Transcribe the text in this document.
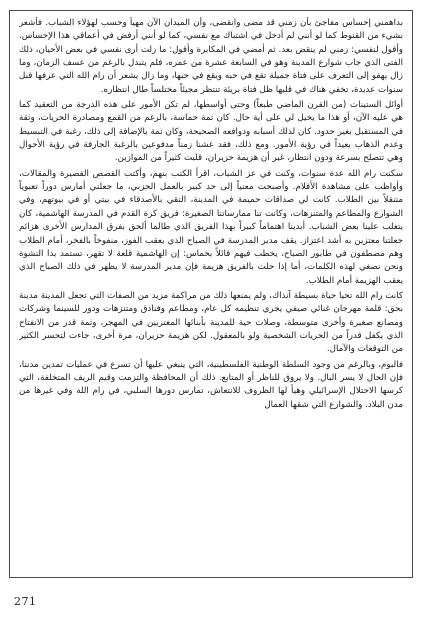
بداهمني إحساس مفاجئ بأن زمني قد مضى وانقضى، وأن الميدان الآن مهيأ وحسب لهؤلاء الشباب. فأشعر بشيء من القنوط كما لو أنني لم أدخل في اشتباك مع نفسي، كما لو أنني أرفض في أعماقي هذا الإحساس. وأقول لنفسي: زمني لم ينقض بعد. ثم أمضي في المكابرة وأقول: ما زلت أرى نفسي في بعض الأحيان، ذلك الفتى الذي جاب شوارع المدينة وهو في السابعة عشرة من عمره، فلم يتبدل بالرغم من عسف الزمان، وما زال يهفو إلى التعرف على فتاة جميلة تقع في حبه ويقع في حبها، وما زال يشعر أن رام الله التي عرفها قبل سنوات عديدة، تخفي هناك في قلبها ظل فتاة بريئة تنتظر مجيئاً مختلساً طال انتظاره.

أوائل الستينات (من القرن الماضي طبعاً) وحتى أواسطها، لم تكن الأمور على هذه الدرجة من التعقيد كما هي عليه الآن، أو هذا ما يخيل لي على أية حال. كان ثمة حماسة، بالرغم من القمع ومصادرة الحريات، وثقة في المستقبل بغير حدود. كان لذلك أسبابه ودوافعه الصحيحة، وكان ثمة بالإضافة إلى ذلك، رغبة في التبسيط وعدم الذهاب بعيداً في رؤية الأمور. ومع ذلك، فقد عشنا زمناً مدفوعين بالرغبة الجارفة في رؤية الأحوال وهي تتصلح بسرعة ودون انتظار، غير أن هزيمة حزيران، قلبت كثيراً من الموازين.

سكنت رام الله عدة سنوات، وكنت في عز الشباب، اقرأ الكتب بنهم، وأكتب القصص القصيرة والمقالات، وأواظب على مشاهدة الأفلام. وأصبحت معنياً إلى حد كبير بالعمل الحزبي، ما جعلني أمارس دوراً تعبوياً متنقلاً بين الطلاب. كانت لي صداقات حميمة في المدينة، التقي بالأصدقاء في بيتي أو في بيوتهم، وفي الشوارع والمطاعم والمتنزهات، وكانت تنا ممارساتنا الصغيرة: فريق كرة القدم في المدرسة الهاشمية، كان يتغلب علينا بعض الشباب. أبدينا اهتماماً كبيراً بهذا الفريق الذي طالما ألحق بفرق المدارس الأخرى هزائم جعلتنا معتزين به أشد اعتزاز. يقف مدير المدرسة في الصباح الذي يعقب الفوز، منفوخاً بالفخر، أمام الطلاب وهم مصطفون في طابور الصباح، يخطب فيهم قائلاً بحماس: إن الهاشمية قلعة لا تقهر، تستمد بذا النشوة ونحن نصغي لهذه الكلمات، أما إذا حلت بالفريق هزيمة فإن مدير المدرسة لا يظهر في ذلك الصباح الذي يعقب الهزيمة أمام الطلاب.

كانت رام الله تحيا حياة بسيطة آنذاك، ولم يمنعها ذلك من مراكمة مزيد من الصفات التي تجعل المدينة مدينة بحق: قلمة مهرجان غنائي صيفي يجري تنظيمه كل عام، ومطاعم وفنادق ومتنزهات ودور للسينما وشركات ومصانع صغيرة وأخرى متوسطة، وصلات حية للمدينة بأبنائها المغتربين في المهجر، وثمة قدر من الانفتاح الذي يكفل قدراً من الحريات الشخصية ولو بالمعقول. لكن هزيمة حزيران، مرة أخرى، جاءت لتحسر الكثير من التوقعات والآمال.

فالبوم، وبالرغم من وجود السلطة الوطنية الفلسطينية، التي ينبغي عليها أن تسرع في عمليات تمدين مدننا، فإن الحال لا يسر البال. ولا يروق للناظر أو المتابع. ذلك أن المحافظة والتزمت وقيم الريف المتخلفة، التي كرسها الاحتلال الإسرائيلي وهيأ لها الظروف للانتعاش، تمارس دورها السلبي، في رام الله وفي غيرها من مدن البلاد. والشوارع التي شقها العمال

271
